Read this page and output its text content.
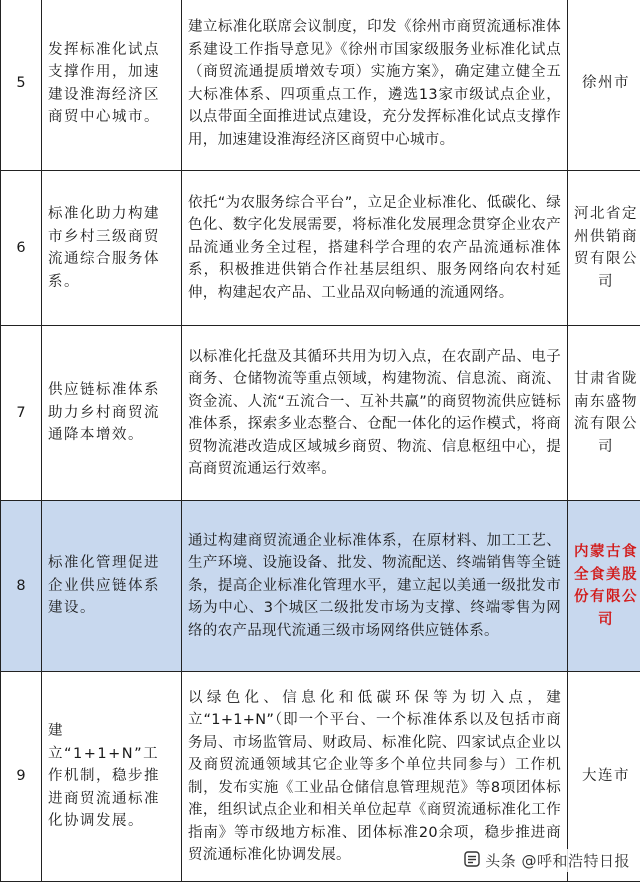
5	发挥标准化试点支撑作用，加速建设淮海经济区商贸中心城市。	建立标准化联席会议制度，印发《徐州市商贸流通标准体系建设工作指导意见》《徐州市国家级服务业标准化试点（商贸流通提质增效专项）实施方案》，确定建立健全五大标准体系、四项重点工作，遴选13家市级试点企业，以点带面全面推进试点建设，充分发挥标准化试点支撑作用，加速建设淮海经济区商贸中心城市。	徐州市
6	标准化助力构建市乡村三级商贸流通综合服务体系。	依托“为农服务综合平台”，立足企业标准化、低碳化、绿色化、数字化发展需要，将标准化发展理念贯穿企业农产品流通业务全过程，搭建科学合理的农产品流通标准体系，积极推进供销合作社基层组织、服务网络向农村延伸，构建起农产品、工业品双向畅通的流通网络。	河北省定州供销商贸有限公司
7	供应链标准体系助力乡村商贸流通降本增效。	以标准化托盘及其循环共用为切入点，在农副产品、电子商务、仓储物流等重点领域，构建物流、信息流、商流、资金流、人流“五流合一、互补共赢”的商贸物流供应链标准体系，探索多业态整合、仓配一体化的运作模式，将商贸物流港改造成区域城乡商贸、物流、信息枢纽中心，提高商贸流通运行效率。	甘肃省陇南东盛物流有限公司
8	标准化管理促进企业供应链体系建设。	通过构建商贸流通企业标准体系，在原材料、加工工艺、生产环境、设施设备、批发、物流配送、终端销售等全链条，提高企业标准化管理水平，建立起以美通一级批发市场为中心、3个城区二级批发市场为支撑、终端零售为网络的农产品现代流通三级市场网络供应链体系。	内蒙古食全食美股份有限公司
9	建立“1+1+N”工作机制，稳步推进商贸流通标准化协调发展。	以绿色化、信息化和低碳环保等为切入点，建立“1+1+N”（即一个平台、一个标准体系以及包括市商务局、市场监管局、财政局、标准化院、四家试点企业以及商贸流通领域其它企业等多个单位共同参与）工作机制，发布实施《工业品仓储信息管理规范》等8项团体标准，组织试点企业和相关单位起草《商贸流通标准化工作指南》等市级地方标准、团体标准20余项，稳步推进商贸流通标准化协调发展。	大连市
头条 @呼和浩特日报
